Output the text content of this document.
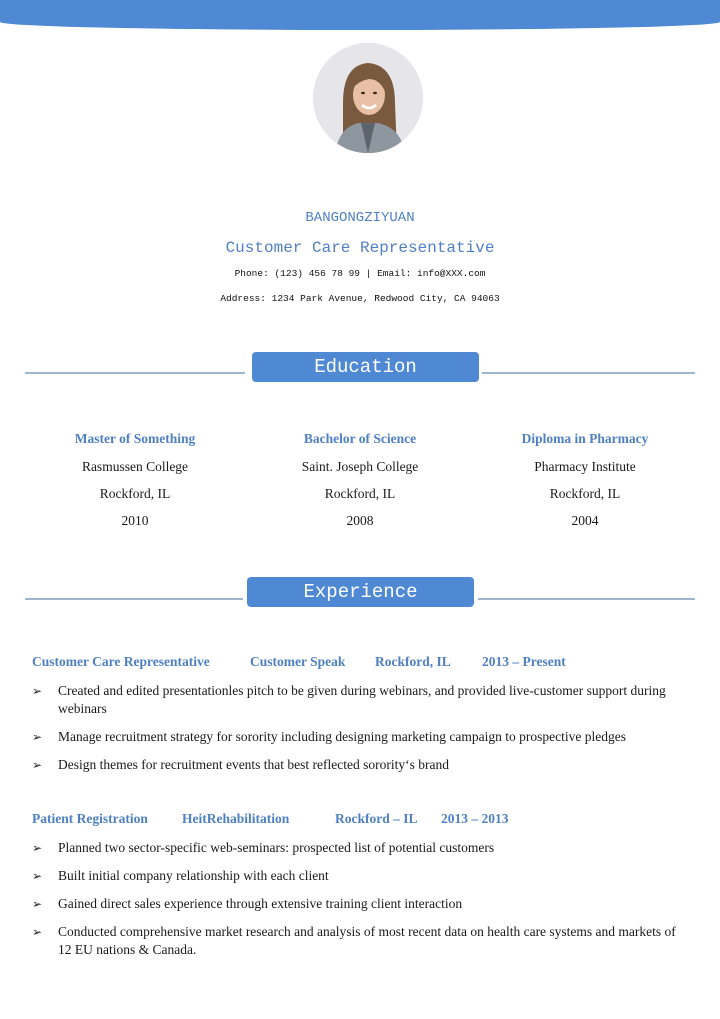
BANGONGZIYUAN
Customer Care Representative
Phone: (123) 456 78 99 | Email: info@XXX.com
Address: 1234 Park Avenue, Redwood City, CA 94063
Education
Master of Something
Rasmussen College
Rockford, IL
2010
Bachelor of Science
Saint. Joseph College
Rockford, IL
2008
Diploma in Pharmacy
Pharmacy Institute
Rockford, IL
2004
Experience
Customer Care Representative	Customer Speak Rockford, IL 2013 – Present
➢ Created and edited presentationles pitch to be given during webinars, and provided live-customer support during webinars
➢ Manage recruitment strategy for sorority including designing marketing campaign to prospective pledges
➢ Design themes for recruitment events that best reflected sorority‘s brand
Patient Registration	HeitRehabilitation	Rockford – IL 2013 – 2013
➢ Planned two sector-specific web-seminars: prospected list of potential customers
➢ Built initial company relationship with each client
➢ Gained direct sales experience through extensive training client interaction
➢ Conducted comprehensive market research and analysis of most recent data on health care systems and markets of 12 EU nations & Canada.
